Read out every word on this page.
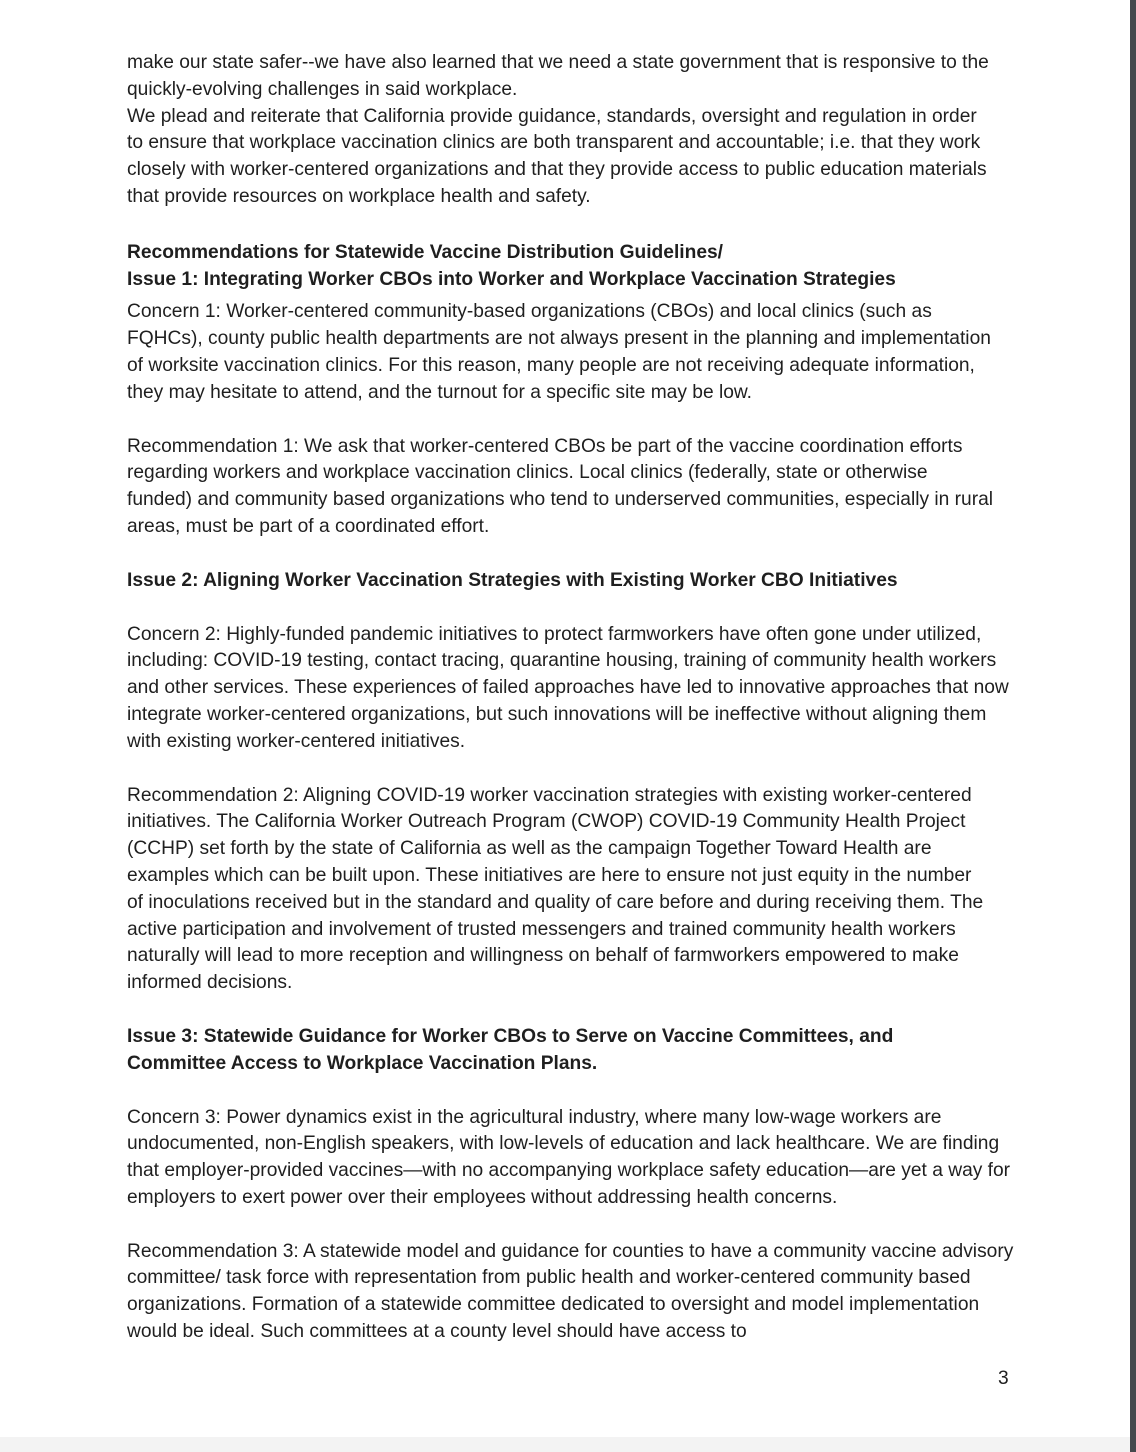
make our state safer--we have also learned that we need a state government that is responsive to the quickly-evolving challenges in said workplace.

We plead and reiterate that California provide guidance, standards, oversight and regulation in order to ensure that workplace vaccination clinics are both transparent and accountable; i.e. that they work closely with worker-centered organizations and that they provide access to public education materials that provide resources on workplace health and safety.

Recommendations for Statewide Vaccine Distribution Guidelines/

Issue 1: Integrating Worker CBOs into Worker and Workplace Vaccination Strategies

Concern 1: Worker-centered community-based organizations (CBOs) and local clinics (such as FQHCs), county public health departments are not always present in the planning and implementation of worksite vaccination clinics. For this reason, many people are not receiving adequate information, they may hesitate to attend, and the turnout for a specific site may be low.

Recommendation 1: We ask that worker-centered CBOs be part of the vaccine coordination efforts regarding workers and workplace vaccination clinics. Local clinics (federally, state or otherwise funded) and community based organizations who tend to underserved communities, especially in rural areas, must be part of a coordinated effort.

Issue 2: Aligning Worker Vaccination Strategies with Existing Worker CBO Initiatives

Concern 2: Highly-funded pandemic initiatives to protect farmworkers have often gone under utilized, including: COVID-19 testing, contact tracing, quarantine housing, training of community health workers and other services. These experiences of failed approaches have led to innovative approaches that now integrate worker-centered organizations, but such innovations will be ineffective without aligning them with existing worker-centered initiatives.

Recommendation 2: Aligning COVID-19 worker vaccination strategies with existing worker-centered initiatives. The California Worker Outreach Program (CWOP) COVID-19 Community Health Project (CCHP) set forth by the state of California as well as the campaign Together Toward Health are examples which can be built upon. These initiatives are here to ensure not just equity in the number of inoculations received but in the standard and quality of care before and during receiving them. The active participation and involvement of trusted messengers and trained community health workers naturally will lead to more reception and willingness on behalf of farmworkers empowered to make informed decisions.

Issue 3: Statewide Guidance for Worker CBOs to Serve on Vaccine Committees, and Committee Access to Workplace Vaccination Plans.

Concern 3: Power dynamics exist in the agricultural industry, where many low-wage workers are undocumented, non-English speakers, with low-levels of education and lack healthcare. We are finding that employer-provided vaccines—with no accompanying workplace safety education—are yet a way for employers to exert power over their employees without addressing health concerns.

Recommendation 3: A statewide model and guidance for counties to have a community vaccine advisory committee/ task force with representation from public health and worker-centered community based organizations. Formation of a statewide committee dedicated to oversight and model implementation would be ideal. Such committees at a county level should have access to

3
